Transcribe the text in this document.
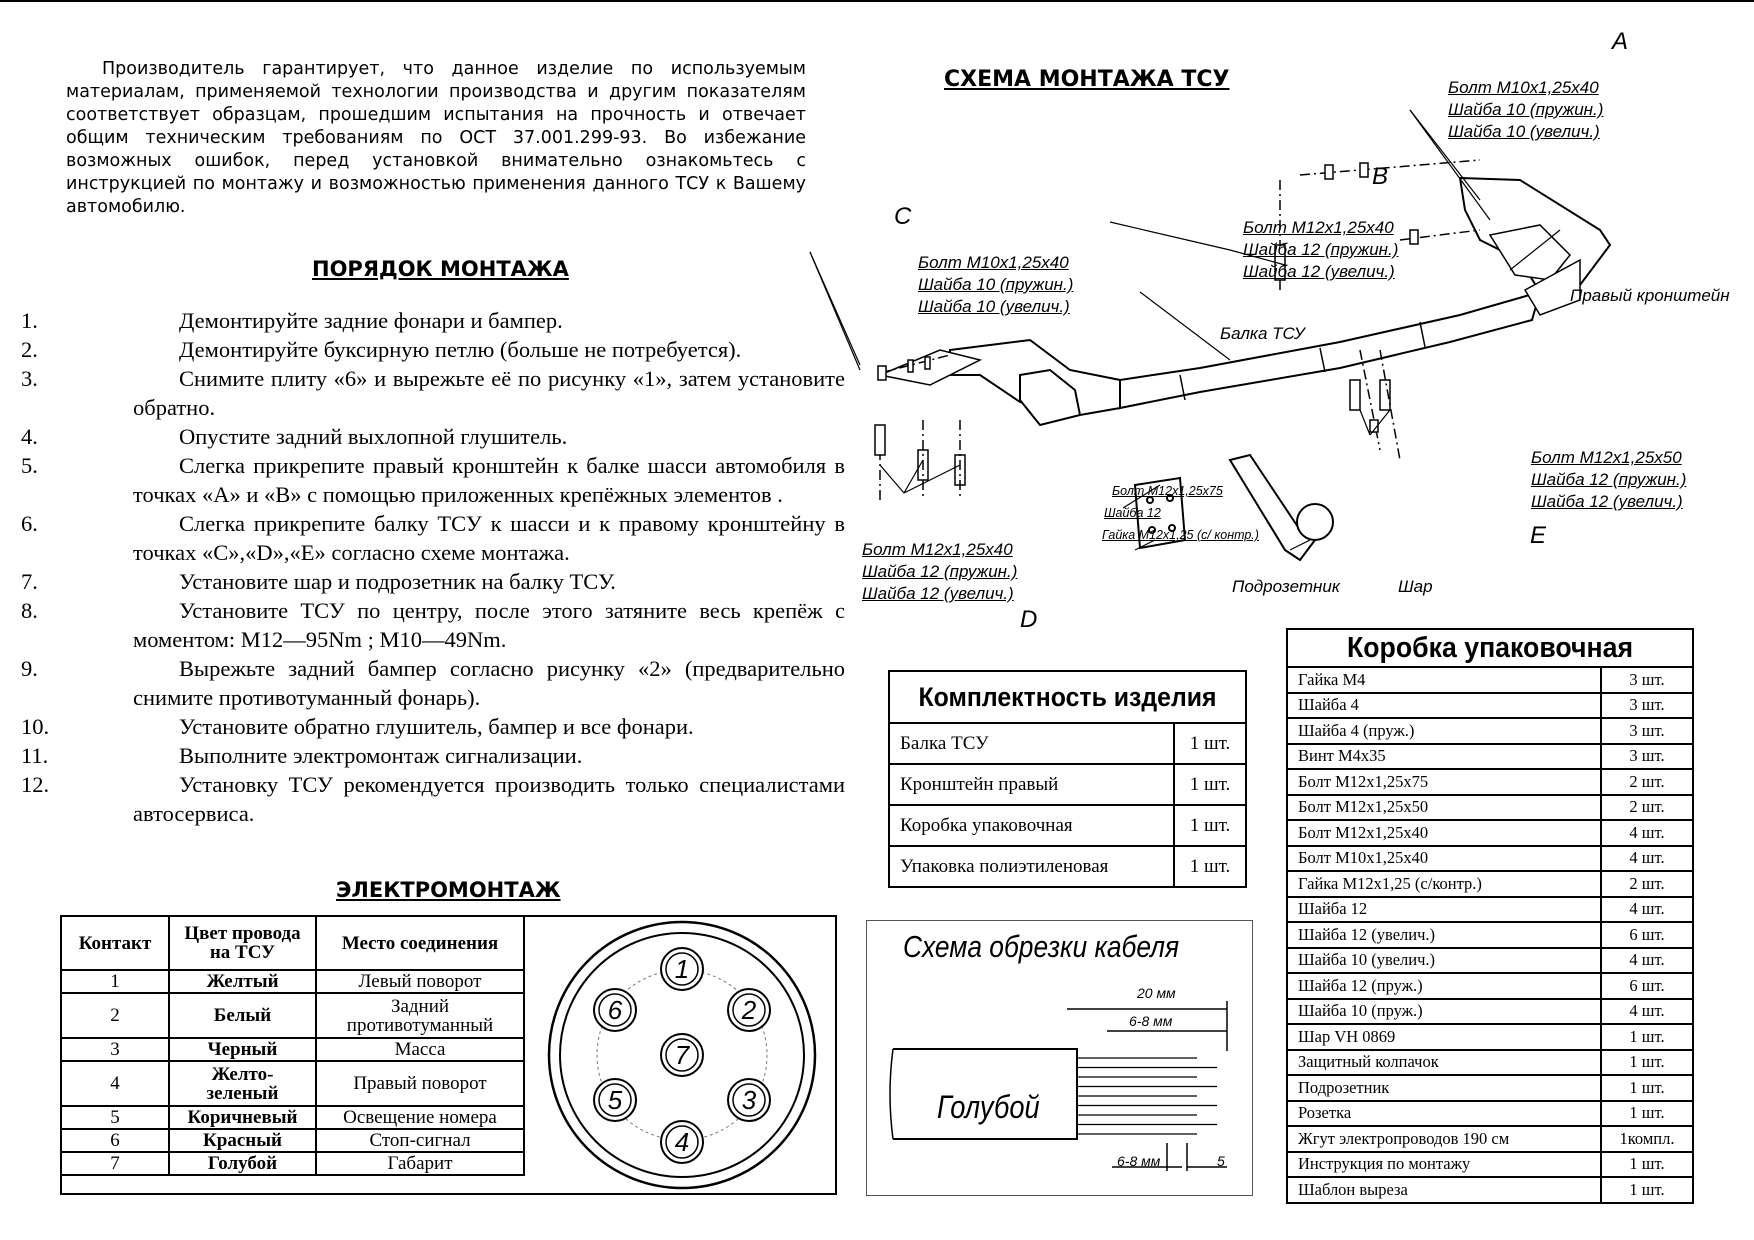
Производитель гарантирует, что данное изделие по используемым материалам, применяемой технологии производства и другим показателям соответствует образцам, прошедшим испытания на прочность и отвечает общим техническим требованиям по ОСТ 37.001.299-93. Во избежание возможных ошибок, перед установкой внимательно ознакомьтесь с инструкцией по монтажу и возможностью применения данного ТСУ к Вашему автомобилю.
ПОРЯДОК МОНТАЖА
1.	Демонтируйте задние фонари и бампер.
2.	Демонтируйте буксирную петлю (больше не потребуется).
3.	Снимите плиту «6» и вырежьте её по рисунку «1», затем установите обратно.
4.	Опустите задний выхлопной глушитель.
5.	Слегка прикрепите правый кронштейн к балке шасси автомобиля в точках «А» и «В» с помощью приложенных крепёжных элементов .
6.	Слегка прикрепите балку ТСУ к шасси и к правому кронштейну в точках «С»,«D»,«Е» согласно схеме монтажа.
7.	Установите шар и подрозетник на балку ТСУ.
8.	Установите ТСУ по центру, после этого затяните весь крепёж с моментом: М12—95Nm ; М10—49Nm.
9.	Вырежьте задний бампер согласно рисунку «2» (предварительно снимите противотуманный фонарь).
10.	Установите обратно глушитель, бампер и все фонари.
11.	Выполните электромонтаж сигнализации.
12.	Установку ТСУ рекомендуется производить только специалистами автосервиса.
ЭЛЕКТРОМОНТАЖ
Контакт	Цвет провода на ТСУ	Место соединения
1	Желтый	Левый поворот
2	Белый	Задний противотуманный
3	Черный	Масса
4	Желто-зеленый	Правый поворот
5	Коричневый	Освещение номера
6	Красный	Стоп-сигнал
7	Голубой	Габарит
1
2
3
4
5
6
7
СХЕМА МОНТАЖА ТСУ
A
Болт M10x1,25x40
Шайба 10 (пружин.)
Шайба 10 (увелич.)
B
Болт M12x1,25x40
Шайба 12 (пружин.)
Шайба 12 (увелич.)
C
Болт M10x1,25x40
Шайба 10 (пружин.)
Шайба 10 (увелич.)
Правый кронштейн
Балка ТСУ
Болт M12x1,25x75
Шайба 12
Гайка M12x1,25 (с/ контр.)
Болт M12x1,25x50
Шайба 12 (пружин.)
Шайба 12 (увелич.)
E
Болт M12x1,25x40
Шайба 12 (пружин.)
Шайба 12 (увелич.)
D
Подрозетник	Шар
Комплектность изделия	
Балка ТСУ	1 шт.
Кронштейн правый	1 шт.
Коробка упаковочная	1 шт.
Упаковка полиэтиленовая	1 шт.
Схема обрезки кабеля
20 мм
6-8 мм
Голубой
6-8 мм	5
Коробка упаковочная	
Гайка М4	3 шт.
Шайба 4	3 шт.
Шайба 4 (пруж.)	3 шт.
Винт М4х35	3 шт.
Болт М12х1,25х75	2 шт.
Болт М12х1,25х50	2 шт.
Болт М12х1,25х40	4 шт.
Болт М10х1,25х40	4 шт.
Гайка М12х1,25 (с/контр.)	2 шт.
Шайба 12	4 шт.
Шайба 12 (увелич.)	6 шт.
Шайба 10 (увелич.)	4 шт.
Шайба 12 (пруж.)	6 шт.
Шайба 10 (пруж.)	4 шт.
Шар VH 0869	1 шт.
Защитный колпачок	1 шт.
Подрозетник	1 шт.
Розетка	1 шт.
Жгут электропроводов 190 см	1компл.
Инструкция по монтажу	1 шт.
Шаблон выреза	1 шт.
